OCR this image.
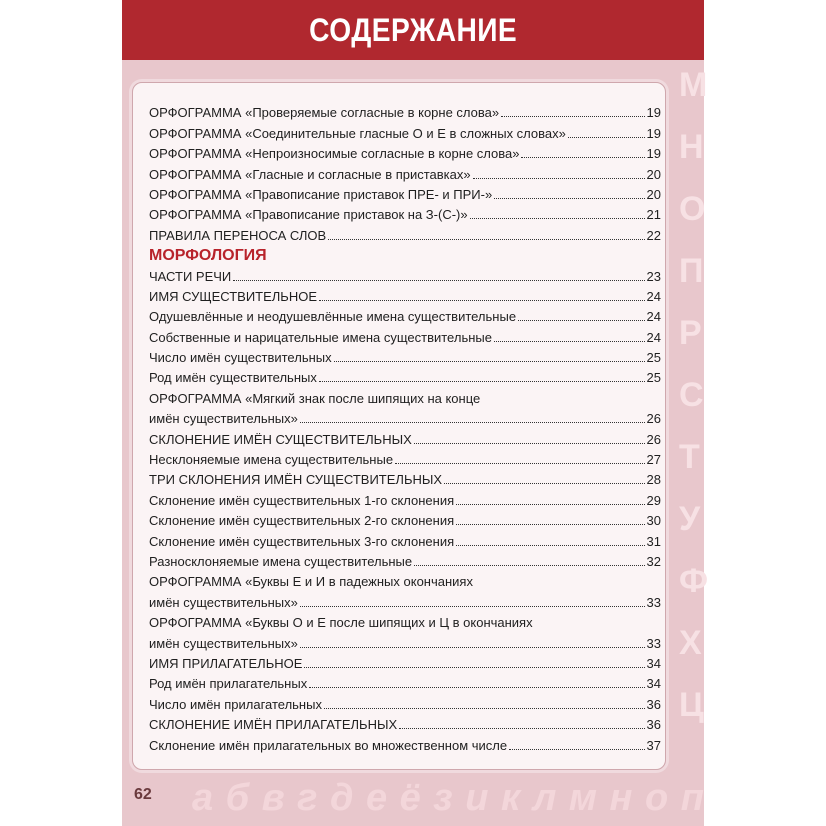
СОДЕРЖАНИЕ
М
Н
О
П
Р
С
Т
У
Ф
Х
Ц
ОРФОГРАММА «Проверяемые согласные в корне слова»	19
ОРФОГРАММА «Соединительные гласные О и Е в сложных словах»	19
ОРФОГРАММА «Непроизносимые согласные в корне слова»	19
ОРФОГРАММА «Гласные и согласные в приставках»	20
ОРФОГРАММА «Правописание приставок ПРЕ- и ПРИ-»	20
ОРФОГРАММА «Правописание приставок на З-(С-)»	21
ПРАВИЛА ПЕРЕНОСА СЛОВ	22
МОРФОЛОГИЯ
ЧАСТИ РЕЧИ	23
ИМЯ СУЩЕСТВИТЕЛЬНОЕ	24
Одушевлённые и неодушевлённые имена существительные	24
Собственные и нарицательные имена существительные	24
Число имён существительных	25
Род имён существительных	25
ОРФОГРАММА «Мягкий знак после шипящих на конце
имён существительных»	26
СКЛОНЕНИЕ ИМЁН СУЩЕСТВИТЕЛЬНЫХ	26
Несклоняемые имена существительные	27
ТРИ СКЛОНЕНИЯ ИМЁН СУЩЕСТВИТЕЛЬНЫХ	28
Склонение имён существительных 1-го склонения	29
Склонение имён существительных 2-го склонения	30
Склонение имён существительных 3-го склонения	31
Разносклоняемые имена существительные	32
ОРФОГРАММА «Буквы Е и И в падежных окончаниях
имён существительных»	33
ОРФОГРАММА «Буквы О и Е после шипящих и Ц в окончаниях
имён существительных»	33
ИМЯ ПРИЛАГАТЕЛЬНОЕ	34
Род имён прилагательных	34
Число имён прилагательных	36
СКЛОНЕНИЕ ИМЁН ПРИЛАГАТЕЛЬНЫХ	36
Склонение имён прилагательных во множественном числе	37
62 а б в г д е ё з и к л м н о п
